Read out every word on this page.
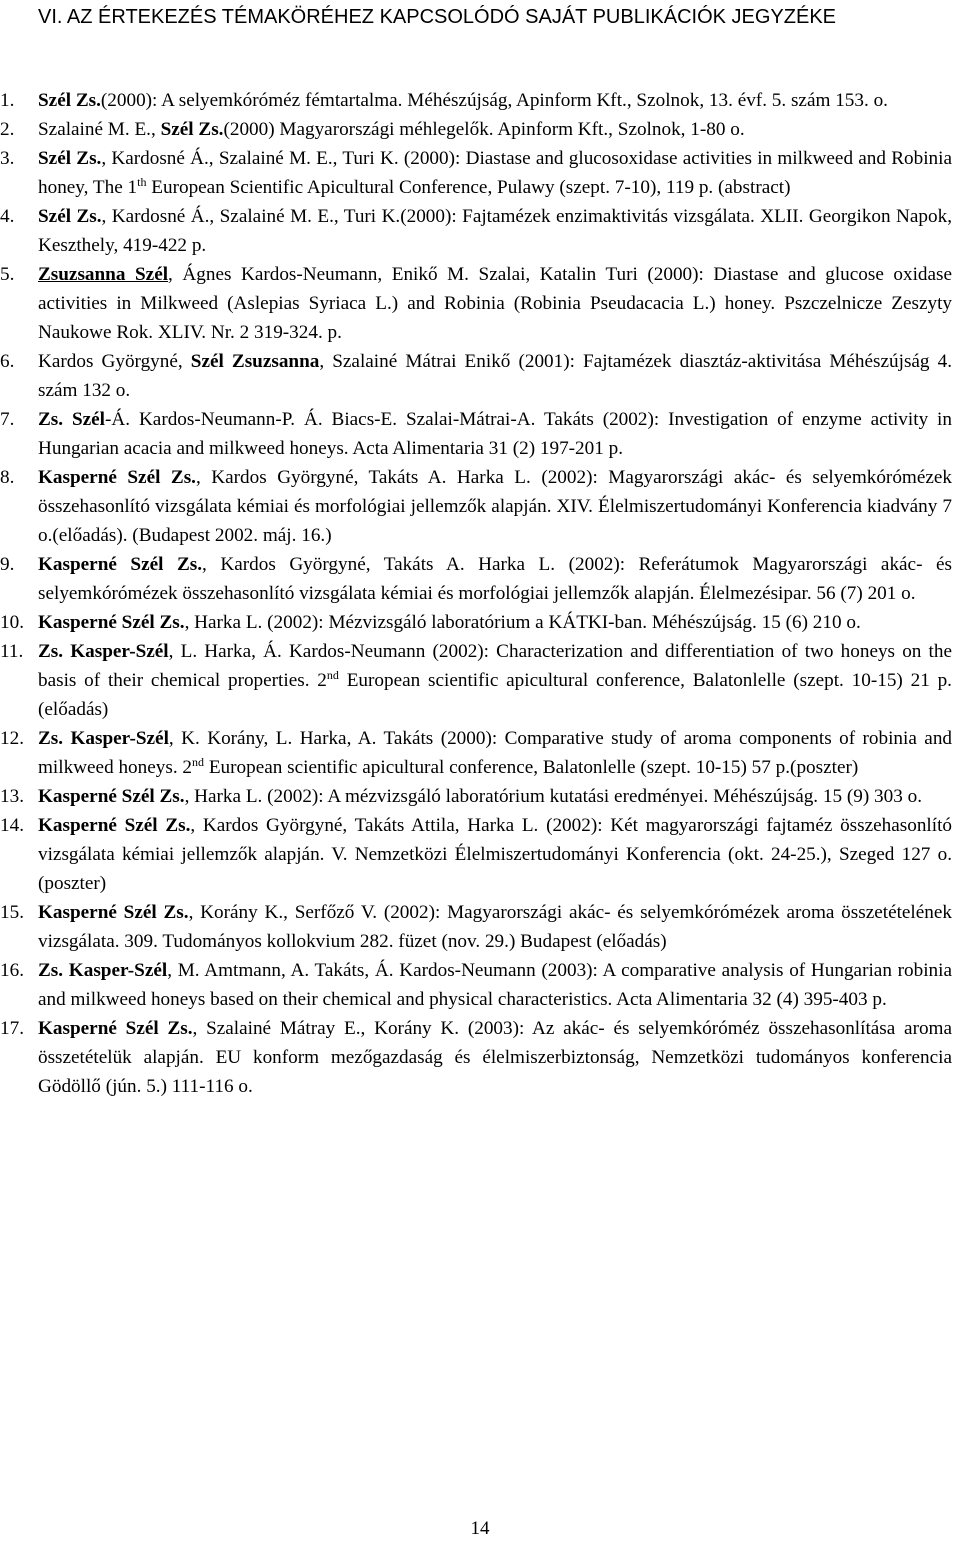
VI. AZ ÉRTEKEZÉS TÉMAKÖRÉHEZ KAPCSOLÓDÓ SAJÁT PUBLIKÁCIÓK JEGYZÉKE
1. Szél Zs.(2000): A selyemkóróméz fémtartalma. Méhészújság, Apinform Kft., Szolnok, 13. évf. 5. szám 153. o.
2. Szalainé M. E., Szél Zs.(2000) Magyarországi méhlegelők. Apinform Kft., Szolnok, 1-80 o.
3. Szél Zs., Kardosné Á., Szalainé M. E., Turi K. (2000): Diastase and glucosoxidase activities in milkweed and Robinia honey, The 1th European Scientific Apicultural Conference, Pulawy (szept. 7-10), 119 p. (abstract)
4. Szél Zs., Kardosné Á., Szalainé M. E., Turi K.(2000): Fajtamézek enzimaktivitás vizsgálata. XLII. Georgikon Napok, Keszthely, 419-422 p.
5. Zsuzsanna Szél, Ágnes Kardos-Neumann, Enikő M. Szalai, Katalin Turi (2000): Diastase and glucose oxidase activities in Milkweed (Aslepias Syriaca L.) and Robinia (Robinia Pseudacacia L.) honey. Pszczelnicze Zeszyty Naukowe Rok. XLIV. Nr. 2 319-324. p.
6. Kardos Györgyné, Szél Zsuzsanna, Szalainé Mátrai Enikő (2001): Fajtamézek diasztáz-aktivitása Méhészújság 4. szám 132 o.
7. Zs. Szél-Á. Kardos-Neumann-P. Á. Biacs-E. Szalai-Mátrai-A. Takáts (2002): Investigation of enzyme activity in Hungarian acacia and milkweed honeys. Acta Alimentaria 31 (2) 197-201 p.
8. Kasperné Szél Zs., Kardos Györgyné, Takáts A. Harka L. (2002): Magyarországi akác- és selyemkórómézek összehasonlító vizsgálata kémiai és morfológiai jellemzők alapján. XIV. Élelmiszertudományi Konferencia kiadvány 7 o.(előadás). (Budapest 2002. máj. 16.)
9. Kasperné Szél Zs., Kardos Györgyné, Takáts A. Harka L. (2002): Referátumok Magyarországi akác- és selyemkórómézek összehasonlító vizsgálata kémiai és morfológiai jellemzők alapján. Élelmezésipar. 56 (7) 201 o.
10. Kasperné Szél Zs., Harka L. (2002): Mézvizsgáló laboratórium a KÁTKI-ban. Méhészújság. 15 (6) 210 o.
11. Zs. Kasper-Szél, L. Harka, Á. Kardos-Neumann (2002): Characterization and differentiation of two honeys on the basis of their chemical properties. 2nd European scientific apicultural conference, Balatonlelle (szept. 10-15) 21 p.(előadás)
12. Zs. Kasper-Szél, K. Korány, L. Harka, A. Takáts (2000): Comparative study of aroma components of robinia and milkweed honeys. 2nd European scientific apicultural conference, Balatonlelle (szept. 10-15) 57 p.(poszter)
13. Kasperné Szél Zs., Harka L. (2002): A mézvizsgáló laboratórium kutatási eredményei. Méhészújság. 15 (9) 303 o.
14. Kasperné Szél Zs., Kardos Györgyné, Takáts Attila, Harka L. (2002): Két magyarországi fajtaméz összehasonlító vizsgálata kémiai jellemzők alapján. V. Nemzetközi Élelmiszertudományi Konferencia (okt. 24-25.), Szeged 127 o. (poszter)
15. Kasperné Szél Zs., Korány K., Serfőző V. (2002): Magyarországi akác- és selyemkórómézek aroma összetételének vizsgálata. 309. Tudományos kollokvium 282. füzet (nov. 29.) Budapest (előadás)
16. Zs. Kasper-Szél, M. Amtmann, A. Takáts, Á. Kardos-Neumann (2003): A comparative analysis of Hungarian robinia and milkweed honeys based on their chemical and physical characteristics. Acta Alimentaria 32 (4) 395-403 p.
17. Kasperné Szél Zs., Szalainé Mátray E., Korány K. (2003): Az akác- és selyemkóróméz összehasonlítása aroma összetételük alapján. EU konform mezőgazdaság és élelmiszerbiztonság, Nemzetközi tudományos konferencia Gödöllő (jún. 5.) 111-116 o.
14
